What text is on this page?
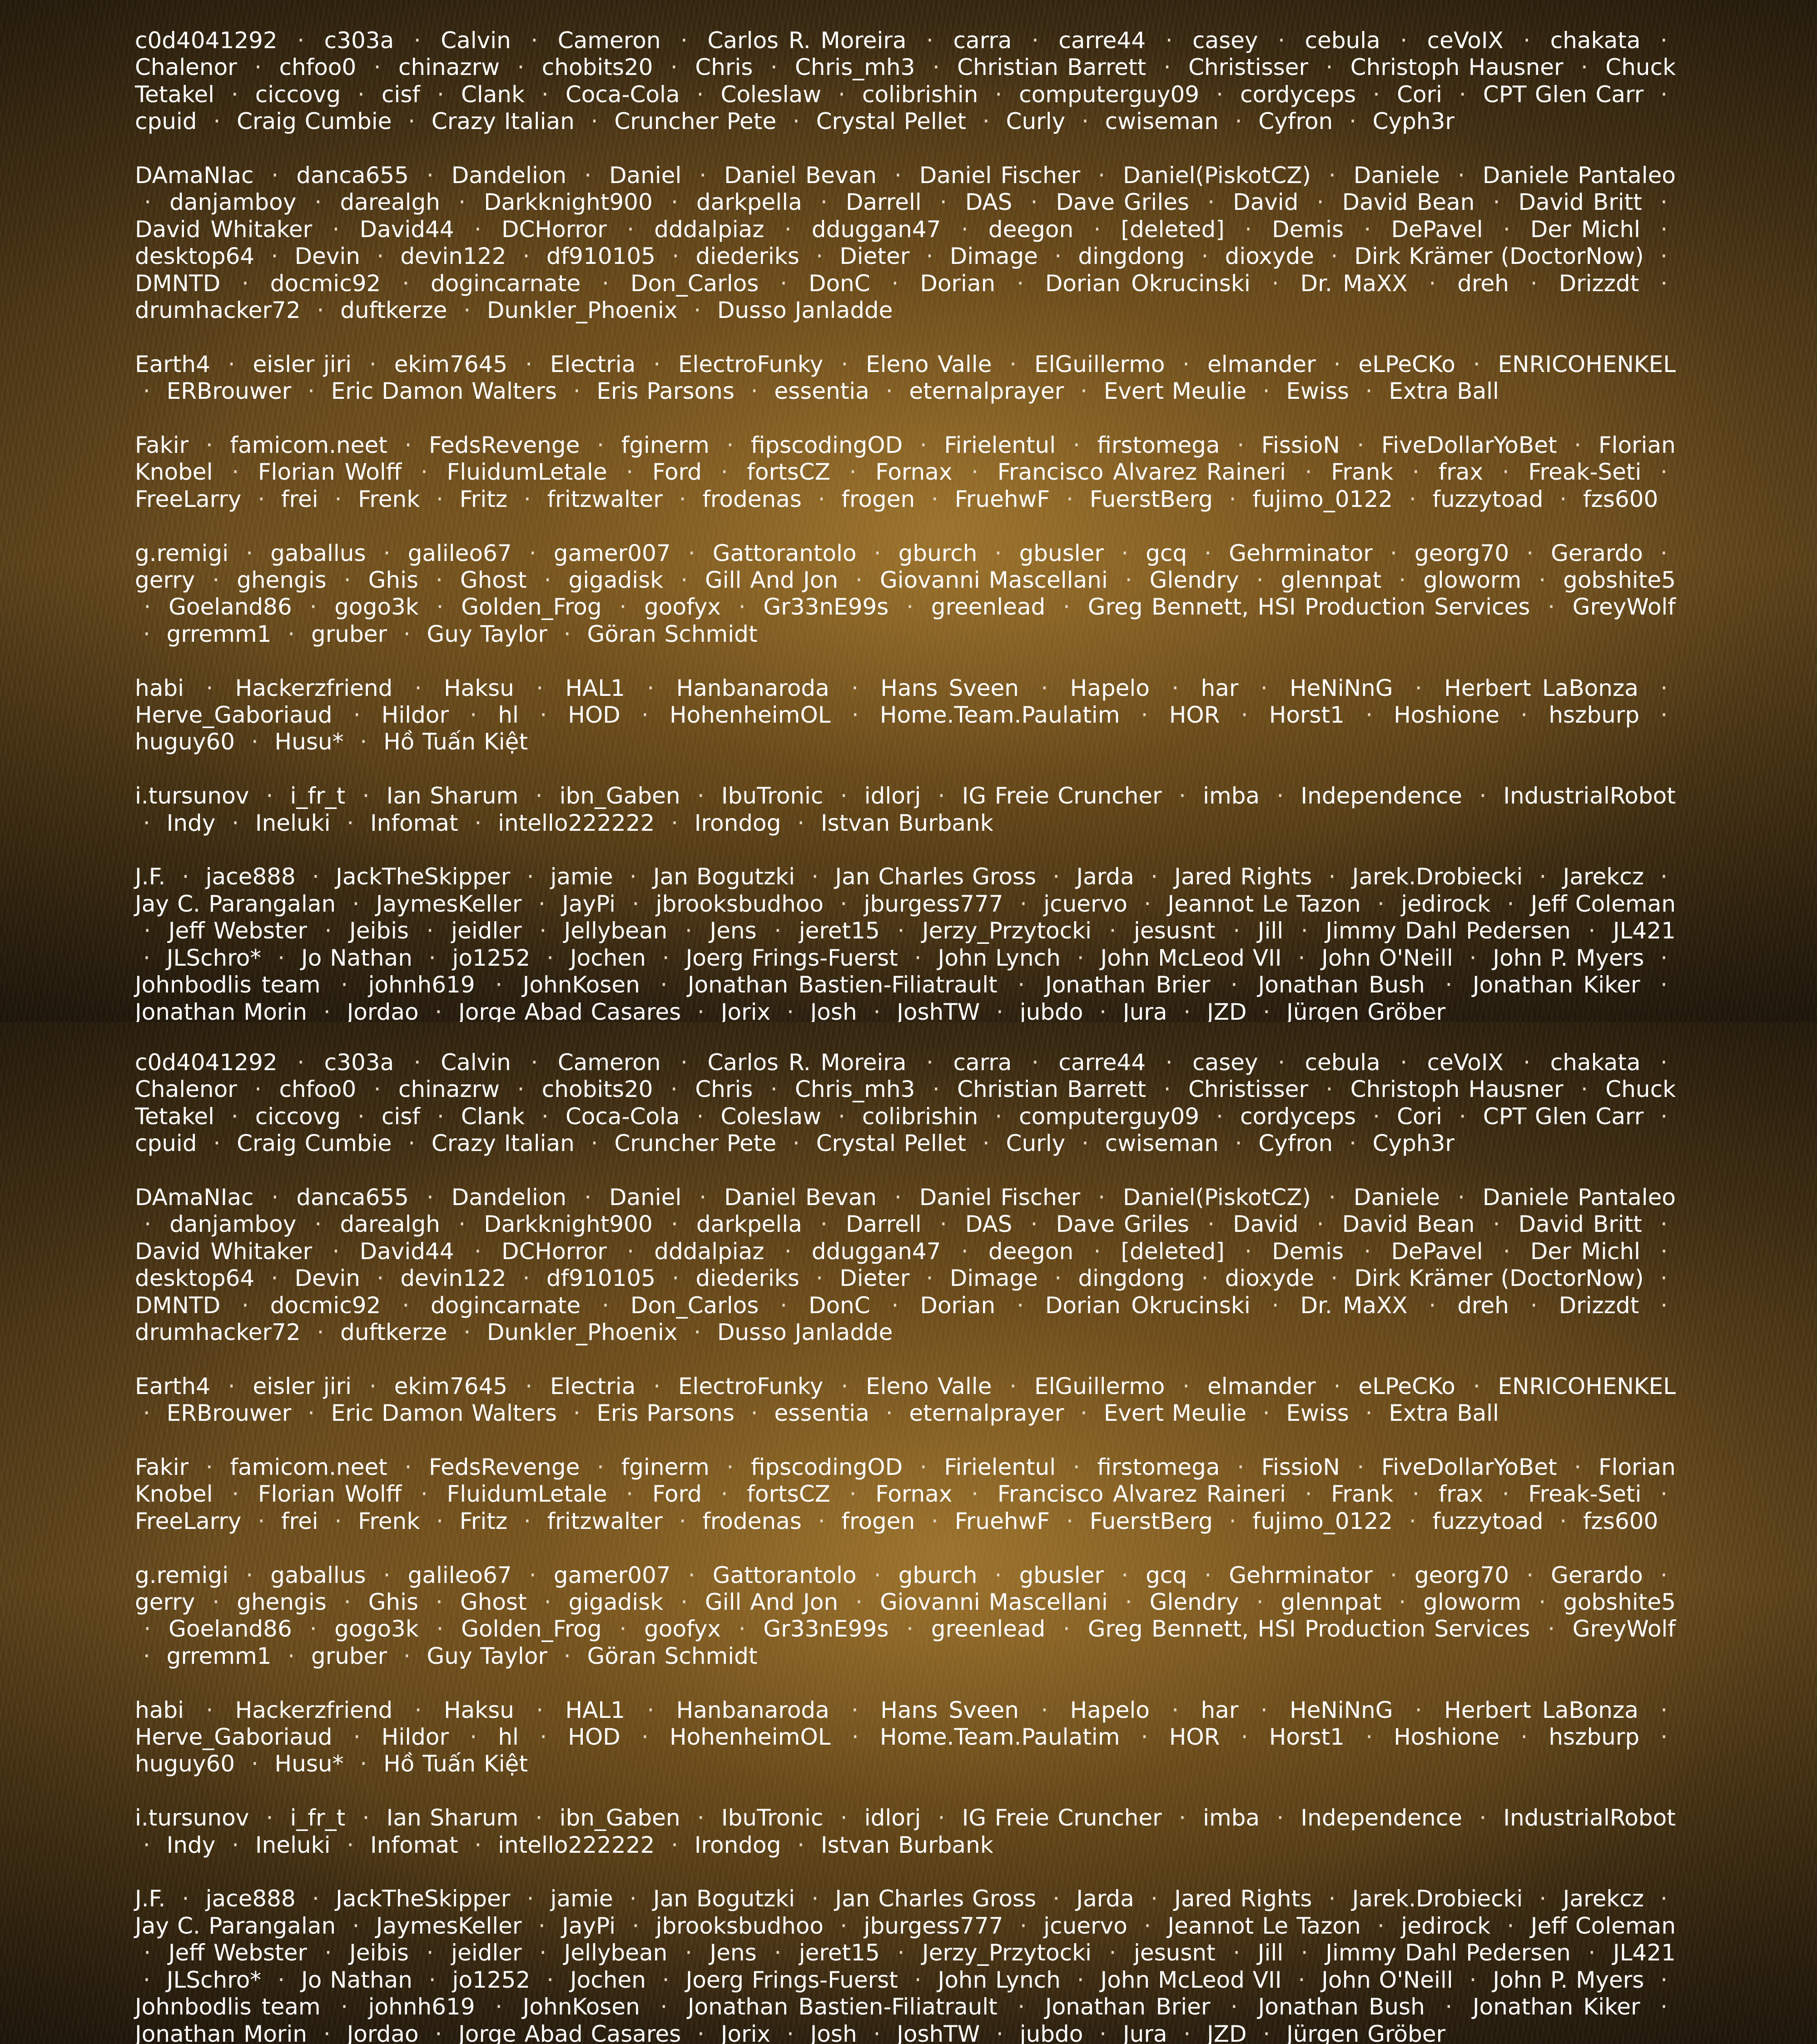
c0d4041292 · c303a · Calvin · Cameron · Carlos R. Moreira · carra · carre44 · casey · cebula · ceVoIX · chakata ·  Chalenor · chfoo0 · chinazrw · chobits20 · Chris · Chris_mh3 · Christian Barrett · Christisser · Christoph Hausner · Chuck Tetakel · ciccovg · cisf · Clank · Coca-Cola · Coleslaw · colibrishin · computerguy09 · cordyceps · Cori · CPT Glen Carr ·  cpuid · Craig Cumbie · Crazy Italian · Cruncher Pete · Crystal Pellet · Curly · cwiseman · Cyfron · Cyph3r
DAmaNIac · danca655 · Dandelion · Daniel · Daniel Bevan · Daniel Fischer · Daniel(PiskotCZ) · Daniele · Daniele Pantaleo  · danjamboy · darealgh · Darkknight900 · darkpella · Darrell · DAS · Dave Griles · David · David Bean · David Britt ·  David Whitaker · David44 · DCHorror · dddalpiaz · dduggan47 · deegon · [deleted] · Demis · DePavel · Der Michl ·  desktop64 · Devin · devin122 · df910105 · diederiks · Dieter · Dimage · dingdong · dioxyde · Dirk Krämer (DoctorNow) ·  DMNTD · docmic92 · dogincarnate · Don_Carlos · DonC · Dorian · Dorian Okrucinski · Dr. MaXX · dreh · Drizzdt ·  drumhacker72 · duftkerze · Dunkler_Phoenix · Dusso Janladde
Earth4 · eisler jiri · ekim7645 · Electria · ElectroFunky · Eleno Valle · ElGuillermo · elmander · eLPeCKo · ENRICOHENKEL  · ERBrouwer · Eric Damon Walters · Eris Parsons · essentia · eternalprayer · Evert Meulie · Ewiss · Extra Ball
Fakir · famicom.neet · FedsRevenge · fginerm · fipscodingOD · Firielentul · firstomega · FissioN · FiveDollarYoBet · Florian Knobel · Florian Wolff · FluidumLetale · Ford · fortsCZ · Fornax · Francisco Alvarez Raineri · Frank · frax · Freak-Seti ·  FreeLarry · frei · Frenk · Fritz · fritzwalter · frodenas · frogen · FruehwF · FuerstBerg · fujimo_0122 · fuzzytoad · fzs600
g.remigi · gaballus · galileo67 · gamer007 · Gattorantolo · gburch · gbusler · gcq · Gehrminator · georg70 · Gerardo ·  gerry · ghengis · Ghis · Ghost · gigadisk · Gill And Jon · Giovanni Mascellani · Glendry · glennpat · gloworm · gobshite5  · Goeland86 · gogo3k · Golden_Frog · goofyx · Gr33nE99s · greenlead · Greg Bennett, HSI Production Services · GreyWolf  · grremm1 · gruber · Guy Taylor · Göran Schmidt
habi · Hackerzfriend · Haksu · HAL1 · Hanbanaroda · Hans Sveen · Hapelo · har · HeNiNnG · Herbert LaBonza ·  Herve_Gaboriaud · Hildor · hl · HOD · HohenheimOL · Home.Team.Paulatim · HOR · Horst1 · Hoshione · hszburp ·  huguy60 · Husu* · Hồ Tuấn Kiệt
i.tursunov · i_fr_t · Ian Sharum · ibn_Gaben · IbuTronic · idlorj · IG Freie Cruncher · imba · Independence · IndustrialRobot  · Indy · Ineluki · Infomat · intello222222 · Irondog · Istvan Burbank
J.F. · jace888 · JackTheSkipper · jamie · Jan Bogutzki · Jan Charles Gross · Jarda · Jared Rights · Jarek.Drobiecki · Jarekcz ·  Jay C. Parangalan · JaymesKeller · JayPi · jbrooksbudhoo · jburgess777 · jcuervo · Jeannot Le Tazon · jedirock · Jeff Coleman  · Jeff Webster · Jeibis · jeidler · Jellybean · Jens · jeret15 · Jerzy_Przytocki · jesusnt · Jill · Jimmy Dahl Pedersen · JL421  · JLSchro* · Jo Nathan · jo1252 · Jochen · Joerg Frings-Fuerst · John Lynch · John McLeod VII · John O'Neill · John P. Myers ·  Johnbodlis team · johnh619 · JohnKosen · Jonathan Bastien-Filiatrault · Jonathan Brier · Jonathan Bush · Jonathan Kiker ·  Jonathan Morin · Jordao · Jorge Abad Casares · Jorix · Josh · JoshTW · jubdo · Jura · JZD · Jürgen Gröber
c0d4041292 · c303a · Calvin · Cameron · Carlos R. Moreira · carra · carre44 · casey · cebula · ceVoIX · chakata ·  Chalenor · chfoo0 · chinazrw · chobits20 · Chris · Chris_mh3 · Christian Barrett · Christisser · Christoph Hausner · Chuck Tetakel · ciccovg · cisf · Clank · Coca-Cola · Coleslaw · colibrishin · computerguy09 · cordyceps · Cori · CPT Glen Carr ·  cpuid · Craig Cumbie · Crazy Italian · Cruncher Pete · Crystal Pellet · Curly · cwiseman · Cyfron · Cyph3r
DAmaNIac · danca655 · Dandelion · Daniel · Daniel Bevan · Daniel Fischer · Daniel(PiskotCZ) · Daniele · Daniele Pantaleo  · danjamboy · darealgh · Darkknight900 · darkpella · Darrell · DAS · Dave Griles · David · David Bean · David Britt ·  David Whitaker · David44 · DCHorror · dddalpiaz · dduggan47 · deegon · [deleted] · Demis · DePavel · Der Michl ·  desktop64 · Devin · devin122 · df910105 · diederiks · Dieter · Dimage · dingdong · dioxyde · Dirk Krämer (DoctorNow) ·  DMNTD · docmic92 · dogincarnate · Don_Carlos · DonC · Dorian · Dorian Okrucinski · Dr. MaXX · dreh · Drizzdt ·  drumhacker72 · duftkerze · Dunkler_Phoenix · Dusso Janladde
Earth4 · eisler jiri · ekim7645 · Electria · ElectroFunky · Eleno Valle · ElGuillermo · elmander · eLPeCKo · ENRICOHENKEL  · ERBrouwer · Eric Damon Walters · Eris Parsons · essentia · eternalprayer · Evert Meulie · Ewiss · Extra Ball
Fakir · famicom.neet · FedsRevenge · fginerm · fipscodingOD · Firielentul · firstomega · FissioN · FiveDollarYoBet · Florian Knobel · Florian Wolff · FluidumLetale · Ford · fortsCZ · Fornax · Francisco Alvarez Raineri · Frank · frax · Freak-Seti ·  FreeLarry · frei · Frenk · Fritz · fritzwalter · frodenas · frogen · FruehwF · FuerstBerg · fujimo_0122 · fuzzytoad · fzs600
g.remigi · gaballus · galileo67 · gamer007 · Gattorantolo · gburch · gbusler · gcq · Gehrminator · georg70 · Gerardo ·  gerry · ghengis · Ghis · Ghost · gigadisk · Gill And Jon · Giovanni Mascellani · Glendry · glennpat · gloworm · gobshite5  · Goeland86 · gogo3k · Golden_Frog · goofyx · Gr33nE99s · greenlead · Greg Bennett, HSI Production Services · GreyWolf  · grremm1 · gruber · Guy Taylor · Göran Schmidt
habi · Hackerzfriend · Haksu · HAL1 · Hanbanaroda · Hans Sveen · Hapelo · har · HeNiNnG · Herbert LaBonza ·  Herve_Gaboriaud · Hildor · hl · HOD · HohenheimOL · Home.Team.Paulatim · HOR · Horst1 · Hoshione · hszburp ·  huguy60 · Husu* · Hồ Tuấn Kiệt
i.tursunov · i_fr_t · Ian Sharum · ibn_Gaben · IbuTronic · idlorj · IG Freie Cruncher · imba · Independence · IndustrialRobot  · Indy · Ineluki · Infomat · intello222222 · Irondog · Istvan Burbank
J.F. · jace888 · JackTheSkipper · jamie · Jan Bogutzki · Jan Charles Gross · Jarda · Jared Rights · Jarek.Drobiecki · Jarekcz ·  Jay C. Parangalan · JaymesKeller · JayPi · jbrooksbudhoo · jburgess777 · jcuervo · Jeannot Le Tazon · jedirock · Jeff Coleman  · Jeff Webster · Jeibis · jeidler · Jellybean · Jens · jeret15 · Jerzy_Przytocki · jesusnt · Jill · Jimmy Dahl Pedersen · JL421  · JLSchro* · Jo Nathan · jo1252 · Jochen · Joerg Frings-Fuerst · John Lynch · John McLeod VII · John O'Neill · John P. Myers ·  Johnbodlis team · johnh619 · JohnKosen · Jonathan Bastien-Filiatrault · Jonathan Brier · Jonathan Bush · Jonathan Kiker ·  Jonathan Morin · Jordao · Jorge Abad Casares · Jorix · Josh · JoshTW · jubdo · Jura · JZD · Jürgen Gröber
